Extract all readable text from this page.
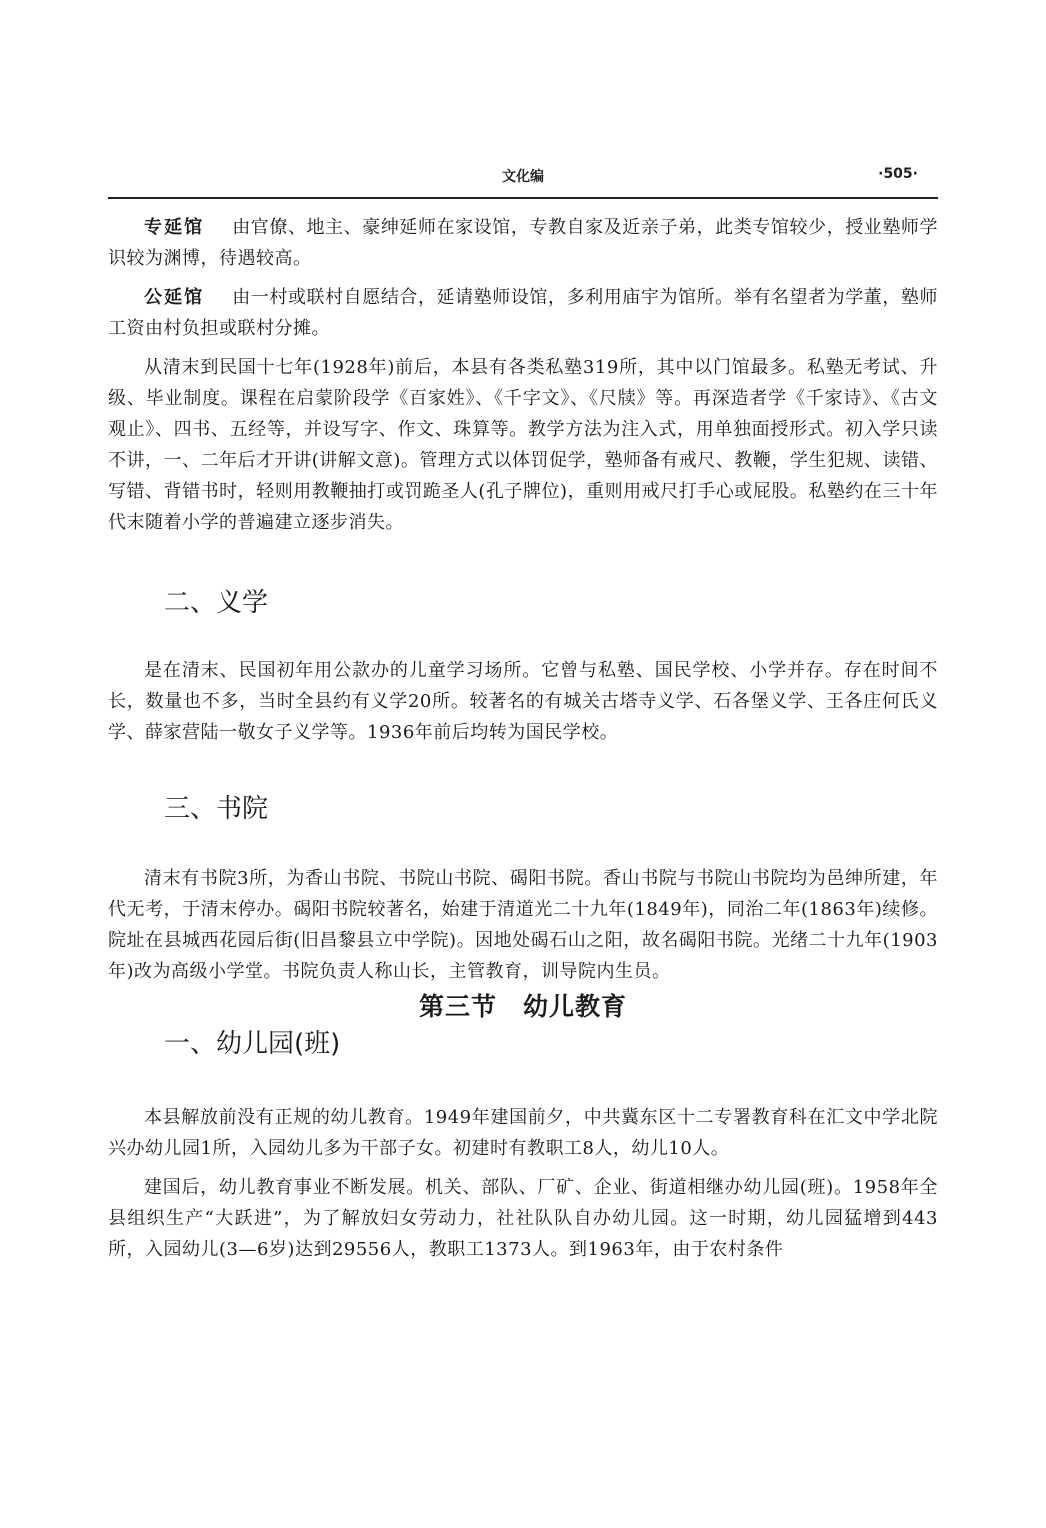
文化编	·505·

专延馆 由官僚、地主、豪绅延师在家设馆，专教自家及近亲子弟，此类专馆较少，授业塾师学识较为渊博，待遇较高。

公延馆 由一村或联村自愿结合，延请塾师设馆，多利用庙宇为馆所。举有名望者为学董，塾师工资由村负担或联村分摊。

从清末到民国十七年(1928年)前后，本县有各类私塾319所，其中以门馆最多。私塾无考试、升级、毕业制度。课程在启蒙阶段学《百家姓》、《千字文》、《尺牍》等。再深造者学《千家诗》、《古文观止》、四书、五经等，并设写字、作文、珠算等。教学方法为注入式，用单独面授形式。初入学只读不讲，一、二年后才开讲(讲解文意)。管理方式以体罚促学，塾师备有戒尺、教鞭，学生犯规、读错、写错、背错书时，轻则用教鞭抽打或罚跪圣人(孔子牌位)，重则用戒尺打手心或屁股。私塾约在三十年代末随着小学的普遍建立逐步消失。

二、义学

是在清末、民国初年用公款办的儿童学习场所。它曾与私塾、国民学校、小学并存。存在时间不长，数量也不多，当时全县约有义学20所。较著名的有城关古塔寺义学、石各堡义学、王各庄何氏义学、薛家营陆一敬女子义学等。1936年前后均转为国民学校。

三、书院

清末有书院3所，为香山书院、书院山书院、碣阳书院。香山书院与书院山书院均为邑绅所建，年代无考，于清末停办。碣阳书院较著名，始建于清道光二十九年(1849年)，同治二年(1863年)续修。院址在县城西花园后街(旧昌黎县立中学院)。因地处碣石山之阳，故名碣阳书院。光绪二十九年(1903年)改为高级小学堂。书院负责人称山长，主管教育，训导院内生员。

第三节　幼儿教育
一、幼儿园(班)

本县解放前没有正规的幼儿教育。1949年建国前夕，中共冀东区十二专署教育科在汇文中学北院兴办幼儿园1所，入园幼儿多为干部子女。初建时有教职工8人，幼儿10人。

建国后，幼儿教育事业不断发展。机关、部队、厂矿、企业、街道相继办幼儿园(班)。1958年全县组织生产“大跃进”，为了解放妇女劳动力，社社队队自办幼儿园。这一时期，幼儿园猛增到443所，入园幼儿(3—6岁)达到29556人，教职工1373人。到1963年，由于农村条件
